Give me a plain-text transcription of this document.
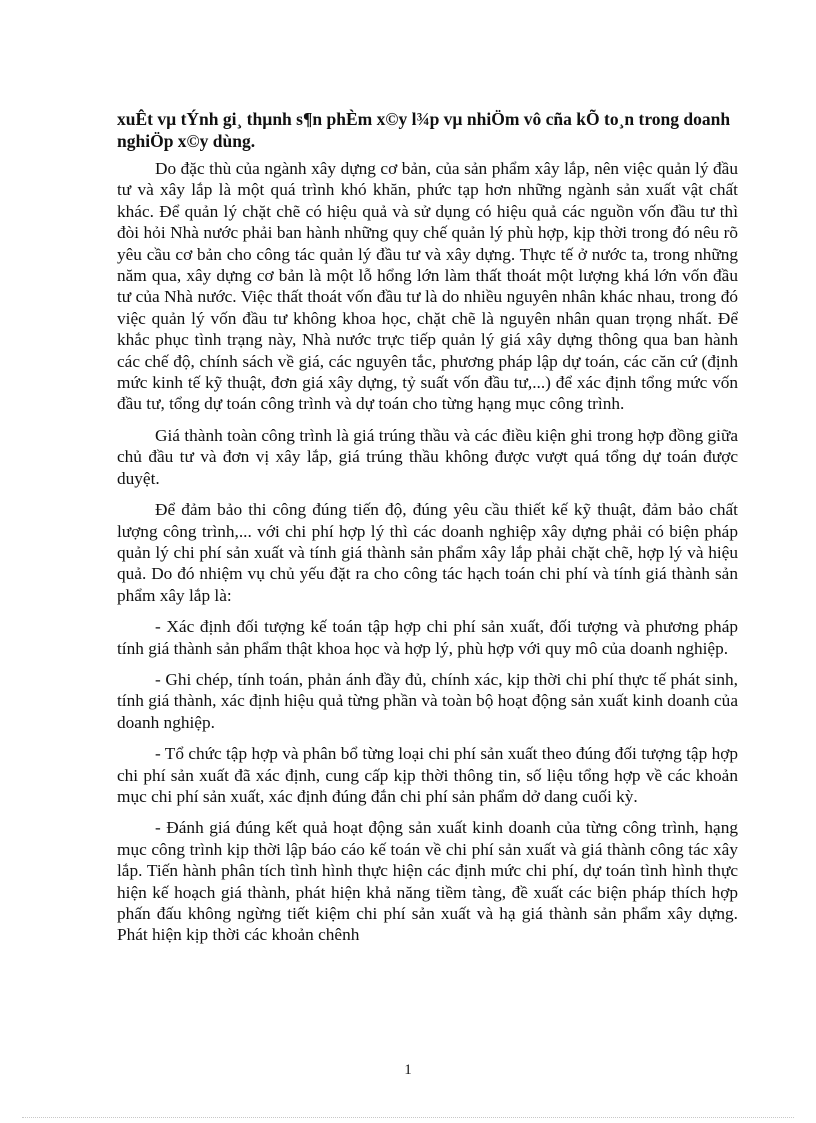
xuÊt vµ tÝnh gi¸ thµnh s¶n phÈm x©y l¾p vµ nhiÖm vô cña kÕ to¸n trong doanh nghiÖp x©y dùng.

Do đặc thù của ngành xây dựng cơ bản, của sản phẩm xây lắp, nên việc quản lý đầu tư và xây lắp là một quá trình khó khăn, phức tạp hơn những ngành sản xuất vật chất khác. Để quản lý chặt chẽ có hiệu quả và sử dụng có hiệu quả các nguồn vốn đầu tư thì đòi hỏi Nhà nước phải ban hành những quy chế quản lý phù hợp, kịp thời trong đó nêu rõ yêu cầu cơ bản cho công tác quản lý đầu tư và xây dựng. Thực tế ở nước ta, trong những năm qua, xây dựng cơ bản là một lỗ hổng lớn làm thất thoát một lượng khá lớn vốn đầu tư của Nhà nước. Việc thất thoát vốn đầu tư là do nhiều nguyên nhân khác nhau, trong đó việc quản lý vốn đầu tư không khoa học, chặt chẽ là nguyên nhân quan trọng nhất. Để khắc phục tình trạng này, Nhà nước trực tiếp quản lý giá xây dựng thông qua ban hành các chế độ, chính sách về giá, các nguyên tắc, phương pháp lập dự toán, các căn cứ (định mức kinh tế kỹ thuật, đơn giá xây dựng, tỷ suất vốn đầu tư,...) để xác định tổng mức vốn đầu tư, tổng dự toán công trình và dự toán cho từng hạng mục công trình.

Giá thành toàn công trình là giá trúng thầu và các điều kiện ghi trong hợp đồng giữa chủ đầu tư và đơn vị xây lắp, giá trúng thầu không được vượt quá tổng dự toán được duyệt.

Để đảm bảo thi công đúng tiến độ, đúng yêu cầu thiết kế kỹ thuật, đảm bảo chất lượng công trình,... với chi phí hợp lý thì các doanh nghiệp xây dựng phải có biện pháp quản lý chi phí sản xuất và tính giá thành sản phẩm xây lắp phải chặt chẽ, hợp lý và hiệu quả. Do đó nhiệm vụ chủ yếu đặt ra cho công tác hạch toán chi phí và tính giá thành sản phẩm xây lắp là:

- Xác định đối tượng kế toán tập hợp chi phí sản xuất, đối tượng và phương pháp tính giá thành sản phẩm thật khoa học và hợp lý, phù hợp với quy mô của doanh nghiệp.

- Ghi chép, tính toán, phản ánh đầy đủ, chính xác, kịp thời chi phí thực tế phát sinh, tính giá thành, xác định hiệu quả từng phần và toàn bộ hoạt động sản xuất kinh doanh của doanh nghiệp.

- Tổ chức tập hợp và phân bổ từng loại chi phí sản xuất theo đúng đối tượng tập hợp chi phí sản xuất đã xác định, cung cấp kịp thời thông tin, số liệu tổng hợp về các khoản mục chi phí sản xuất, xác định đúng đắn chi phí sản phẩm dở dang cuối kỳ.

- Đánh giá đúng kết quả hoạt động sản xuất kinh doanh của từng công trình, hạng mục công trình kịp thời lập báo cáo kế toán về chi phí sản xuất và giá thành công tác xây lắp. Tiến hành phân tích tình hình thực hiện các định mức chi phí, dự toán tình hình thực hiện kế hoạch giá thành, phát hiện khả năng tiềm tàng, đề xuất các biện pháp thích hợp phấn đấu không ngừng tiết kiệm chi phí sản xuất và hạ giá thành sản phẩm xây dựng. Phát hiện kịp thời các khoản chênh

1
